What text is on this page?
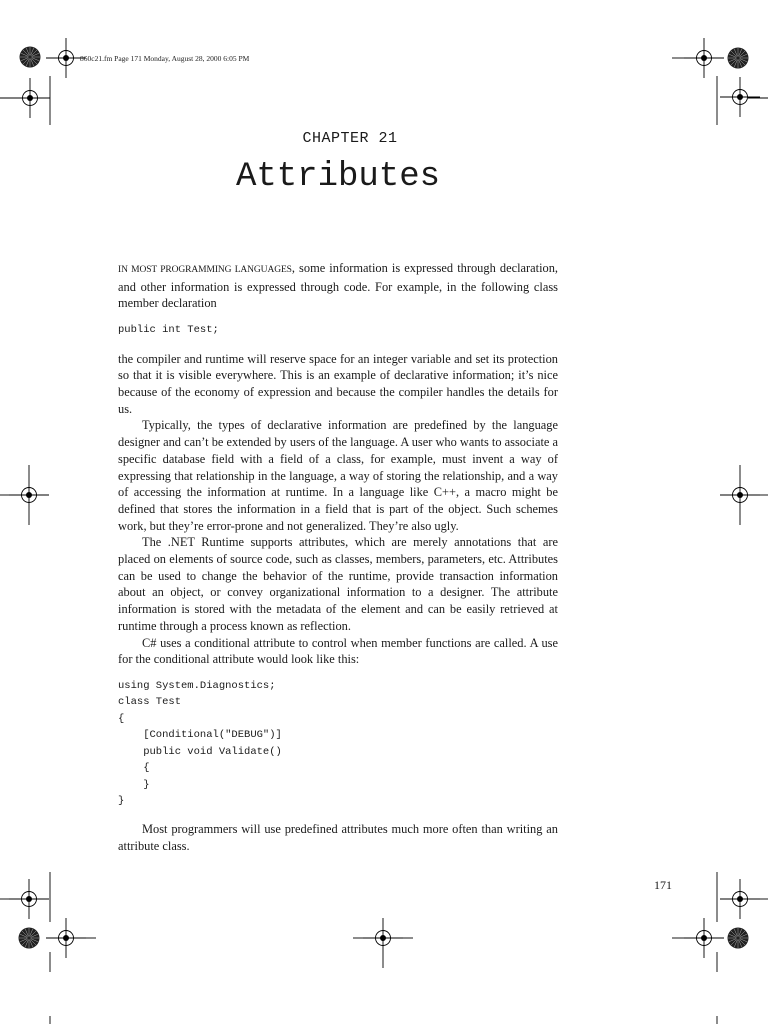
860c21.fm Page 171 Monday, August 28, 2000 6:05 PM
CHAPTER 21
Attributes

IN MOST PROGRAMMING LANGUAGES, some information is expressed through declaration, and other information is expressed through code. For example, in the following class member declaration

public int Test;

the compiler and runtime will reserve space for an integer variable and set its protection so that it is visible everywhere. This is an example of declarative information; it’s nice because of the economy of expression and because the compiler handles the details for us.

Typically, the types of declarative information are predefined by the language designer and can’t be extended by users of the language. A user who wants to associate a specific database field with a field of a class, for example, must invent a way of expressing that relationship in the language, a way of storing the relationship, and a way of accessing the information at runtime. In a language like C++, a macro might be defined that stores the information in a field that is part of the object. Such schemes work, but they’re error-prone and not generalized. They’re also ugly.

The .NET Runtime supports attributes, which are merely annotations that are placed on elements of source code, such as classes, members, parameters, etc. Attributes can be used to change the behavior of the runtime, provide transaction information about an object, or convey organizational information to a designer. The attribute information is stored with the metadata of the element and can be easily retrieved at runtime through a process known as reflection.

C# uses a conditional attribute to control when member functions are called. A use for the conditional attribute would look like this:

using System.Diagnostics;
class Test
{
[Conditional("DEBUG")]
public void Validate()
{
}
}

Most programmers will use predefined attributes much more often than writing an attribute class.

171
